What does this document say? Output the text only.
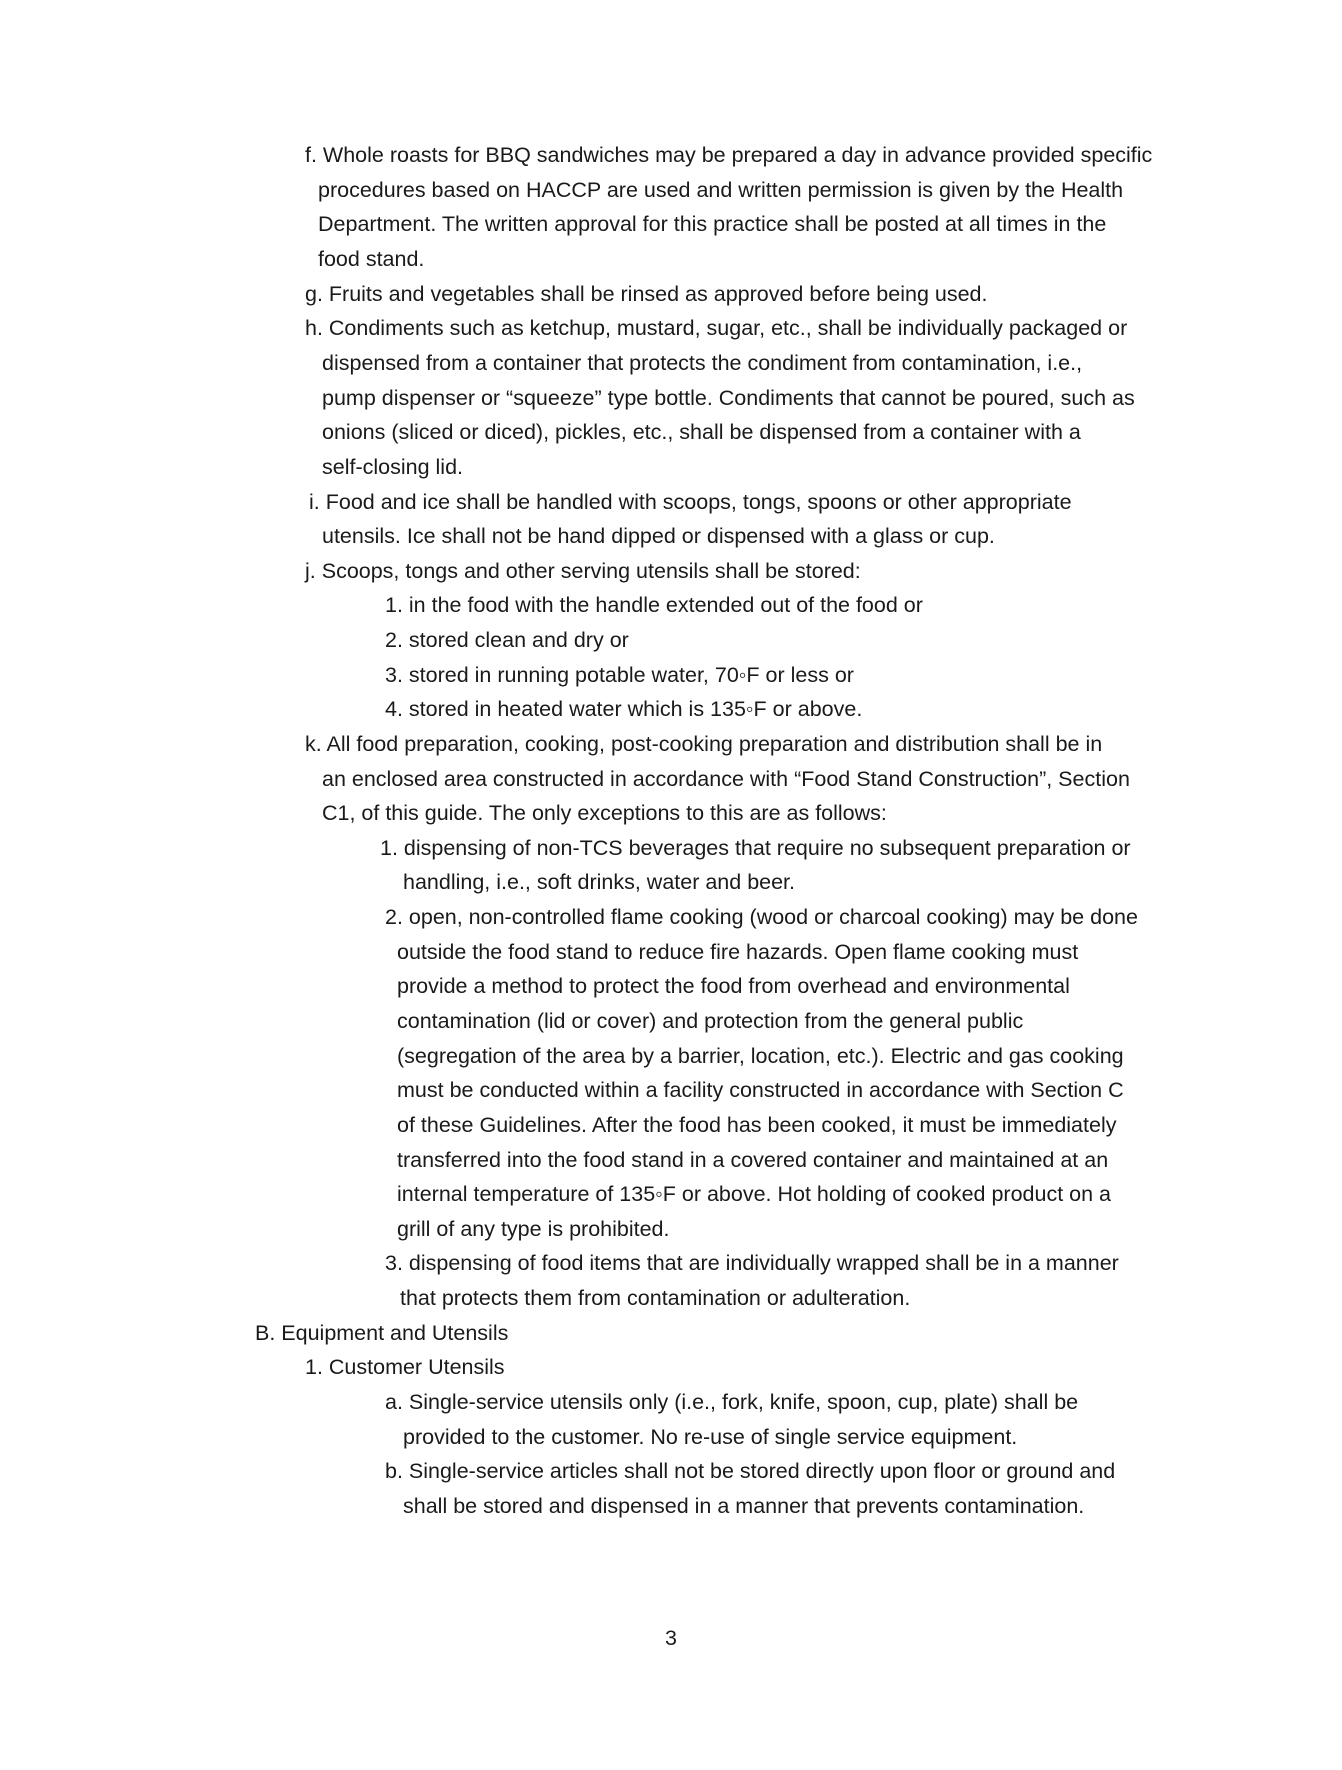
3
f. Whole roasts for BBQ sandwiches may be prepared a day in advance provided specific
procedures based on HACCP are used and written permission is given by the Health
Department. The written approval for this practice shall be posted at all times in the
food stand.
g. Fruits and vegetables shall be rinsed as approved before being used.
h. Condiments such as ketchup, mustard, sugar, etc., shall be individually packaged or
dispensed from a container that protects the condiment from contamination, i.e.,
pump dispenser or “squeeze” type bottle. Condiments that cannot be poured, such as
onions (sliced or diced), pickles, etc., shall be dispensed from a container with a
self-closing lid.
i. Food and ice shall be handled with scoops, tongs, spoons or other appropriate
utensils. Ice shall not be hand dipped or dispensed with a glass or cup.
j. Scoops, tongs and other serving utensils shall be stored:
1. in the food with the handle extended out of the food or
2. stored clean and dry or
3. stored in running potable water, 70◦F or less or
4. stored in heated water which is 135◦F or above.
k. All food preparation, cooking, post-cooking preparation and distribution shall be in
an enclosed area constructed in accordance with “Food Stand Construction”, Section
C1, of this guide. The only exceptions to this are as follows:
1. dispensing of non-TCS beverages that require no subsequent preparation or
handling, i.e., soft drinks, water and beer.
2. open, non-controlled flame cooking (wood or charcoal cooking) may be done
outside the food stand to reduce fire hazards. Open flame cooking must
provide a method to protect the food from overhead and environmental
contamination (lid or cover) and protection from the general public
(segregation of the area by a barrier, location, etc.). Electric and gas cooking
must be conducted within a facility constructed in accordance with Section C
of these Guidelines. After the food has been cooked, it must be immediately
transferred into the food stand in a covered container and maintained at an
internal temperature of 135◦F or above. Hot holding of cooked product on a
grill of any type is prohibited.
3. dispensing of food items that are individually wrapped shall be in a manner
that protects them from contamination or adulteration.
B. Equipment and Utensils
1. Customer Utensils
a. Single-service utensils only (i.e., fork, knife, spoon, cup, plate) shall be
provided to the customer. No re-use of single service equipment.
b. Single-service articles shall not be stored directly upon floor or ground and
shall be stored and dispensed in a manner that prevents contamination.
